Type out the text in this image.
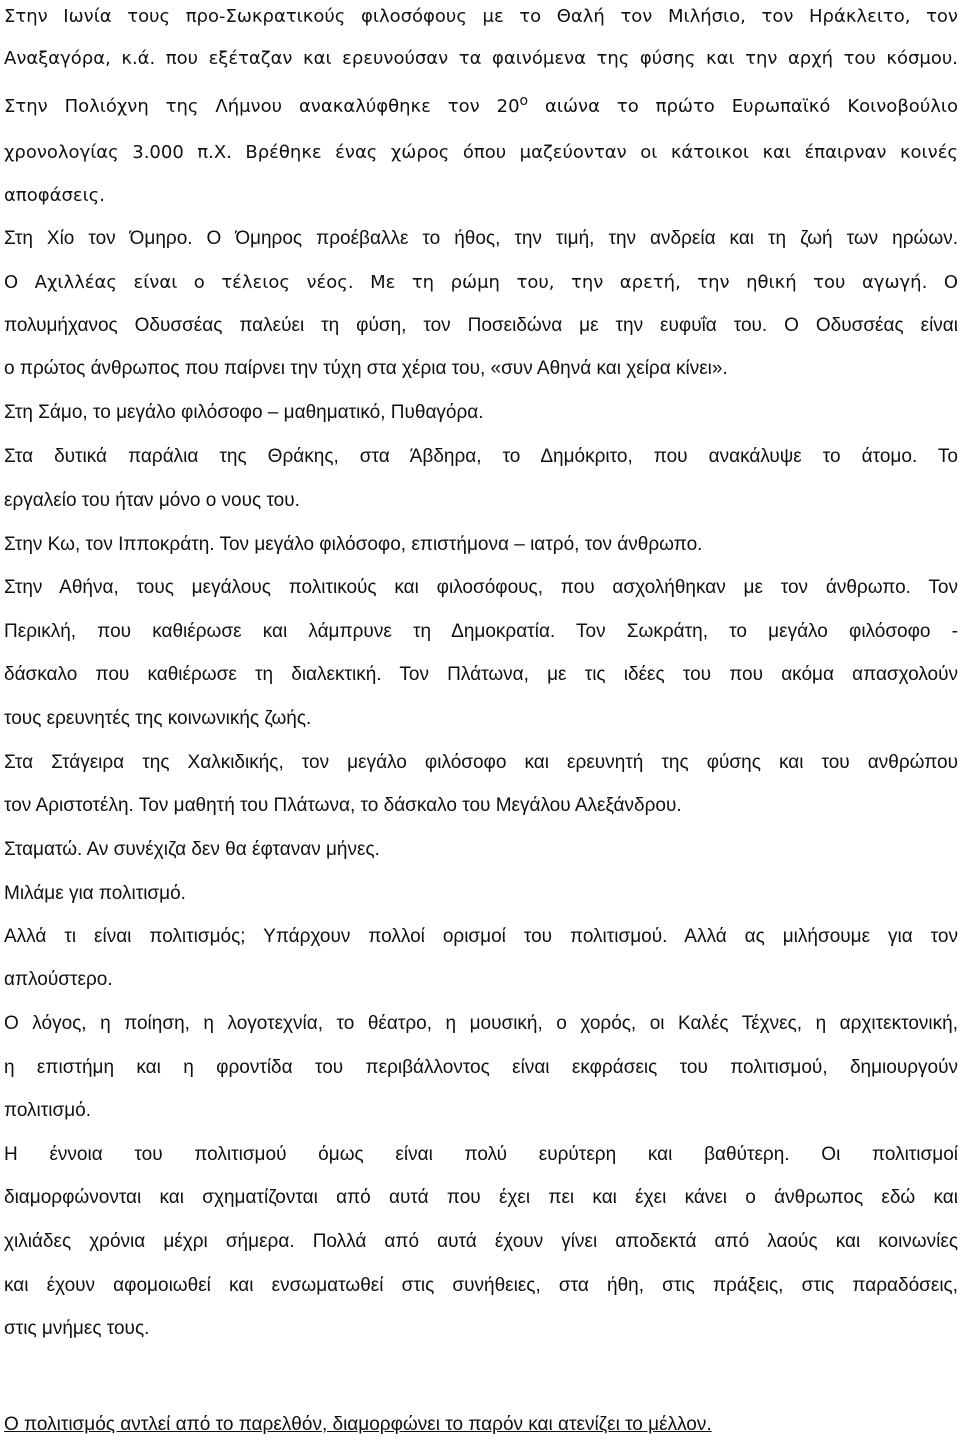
Στην Ιωνία τους προ-Σωκρατικούς φιλοσόφους με το Θαλή τον Μιλήσιο, τον Ηράκλειτο, τον
Αναξαγόρα, κ.ά. που εξέταζαν και ερευνούσαν τα φαινόμενα της φύσης και την αρχή του κόσμου.
Στην Πολιόχνη της Λήμνου ανακαλύφθηκε τον $20^o$ αιώνα το πρώτο Ευρωπαϊκό Κοινοβούλιο
χρονολογίας 3.000 π.Χ. Βρέθηκε ένας χώρος όπου μαζεύονταν οι κάτοικοι και έπαιρναν κοινές
αποφάσεις.
Στη Χίο τον Όμηρο. Ο Όμηρος προέβαλλε το ήθος, την τιμή, την ανδρεία και τη ζωή των ηρώων.
Ο Αχιλλέας είναι ο τέλειος νέος. Με τη ρώμη του, την αρετή, την ηθική του αγωγή. Ο
πολυμήχανος Οδυσσέας παλεύει τη φύση, τον Ποσειδώνα με την ευφυΐα του. Ο Οδυσσέας είναι
ο πρώτος άνθρωπος που παίρνει την τύχη στα χέρια του, «συν Αθηνά και χείρα κίνει».
Στη Σάμο, το μεγάλο φιλόσοφο – μαθηματικό, Πυθαγόρα.
Στα δυτικά παράλια της Θράκης, στα Άβδηρα, το Δημόκριτο, που ανακάλυψε το άτομο. Το
εργαλείο του ήταν μόνο ο νους του.
Στην Κω, τον Ιπποκράτη. Τον μεγάλο φιλόσοφο, επιστήμονα – ιατρό, τον άνθρωπο.
Στην Αθήνα, τους μεγάλους πολιτικούς και φιλοσόφους, που ασχολήθηκαν με τον άνθρωπο. Τον
Περικλή, που καθιέρωσε και λάμπρυνε τη Δημοκρατία. Τον Σωκράτη, το μεγάλο φιλόσοφο -
δάσκαλο που καθιέρωσε τη διαλεκτική. Τον Πλάτωνα, με τις ιδέες του που ακόμα απασχολούν
τους ερευνητές της κοινωνικής ζωής.
Στα Στάγειρα της Χαλκιδικής, τον μεγάλο φιλόσοφο και ερευνητή της φύσης και του ανθρώπου
τον Αριστοτέλη. Τον μαθητή του Πλάτωνα, το δάσκαλο του Μεγάλου Αλεξάνδρου.
Σταματώ. Αν συνέχιζα δεν θα έφταναν μήνες.
Μιλάμε για πολιτισμό.
Αλλά τι είναι πολιτισμός; Υπάρχουν πολλοί ορισμοί του πολιτισμού. Αλλά ας μιλήσουμε για τον
απλούστερο.
Ο λόγος, η ποίηση, η λογοτεχνία, το θέατρο, η μουσική, ο χορός, οι Καλές Τέχνες, η αρχιτεκτονική,
η επιστήμη και η φροντίδα του περιβάλλοντος είναι εκφράσεις του πολιτισμού, δημιουργούν
πολιτισμό.
Η έννοια του πολιτισμού όμως είναι πολύ ευρύτερη και βαθύτερη. Οι πολιτισμοί
διαμορφώνονται και σχηματίζονται από αυτά που έχει πει και έχει κάνει ο άνθρωπος εδώ και
χιλιάδες χρόνια μέχρι σήμερα. Πολλά από αυτά έχουν γίνει αποδεκτά από λαούς και κοινωνίες
και έχουν αφομοιωθεί και ενσωματωθεί στις συνήθειες, στα ήθη, στις πράξεις, στις παραδόσεις,
στις μνήμες τους.
Ο πολιτισμός αντλεί από το παρελθόν, διαμορφώνει το παρόν και ατενίζει το μέλλον.
